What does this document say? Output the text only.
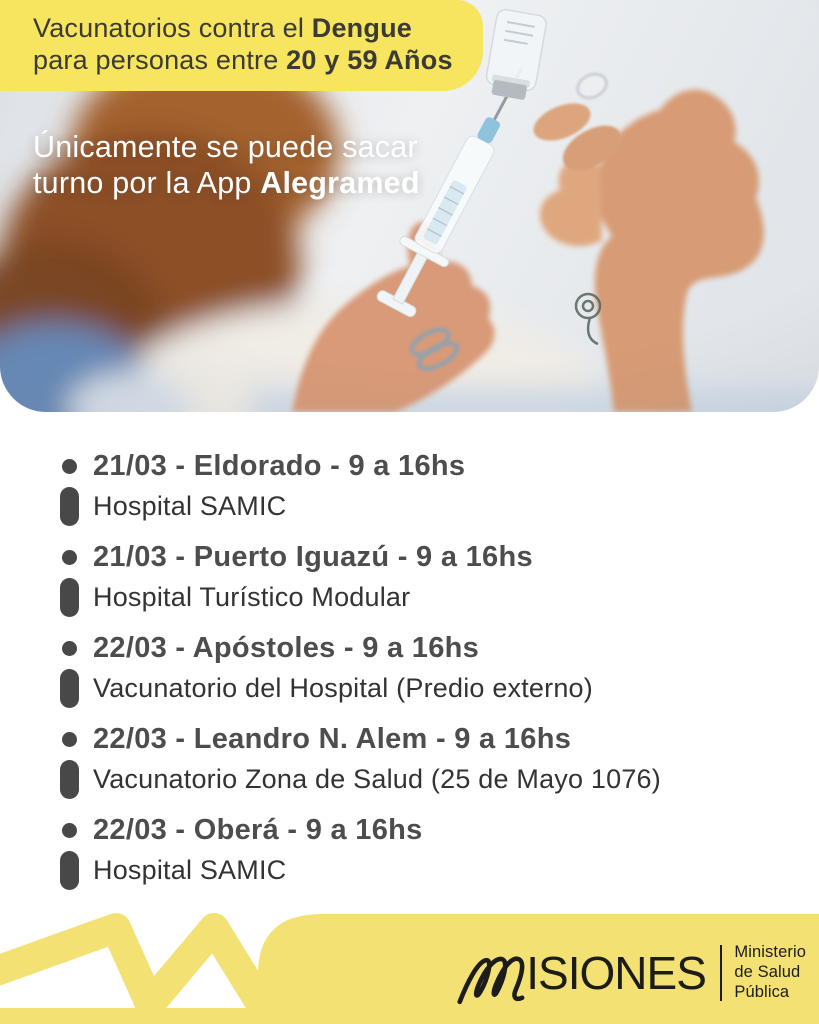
Vacunatorios contra el Dengue
para personas entre 20 y 59 Años
Únicamente se puede sacar
turno por la App Alegramed
21/03 - Eldorado - 9 a 16hs
Hospital SAMIC
21/03 - Puerto Iguazú - 9 a 16hs
Hospital Turístico Modular
22/03 - Apóstoles - 9 a 16hs
Vacunatorio del Hospital (Predio externo)
22/03 - Leandro N. Alem - 9 a 16hs
Vacunatorio Zona de Salud (25 de Mayo 1076)
22/03 - Oberá - 9 a 16hs
Hospital SAMIC
ISIONES Ministerio
de Salud
Pública
